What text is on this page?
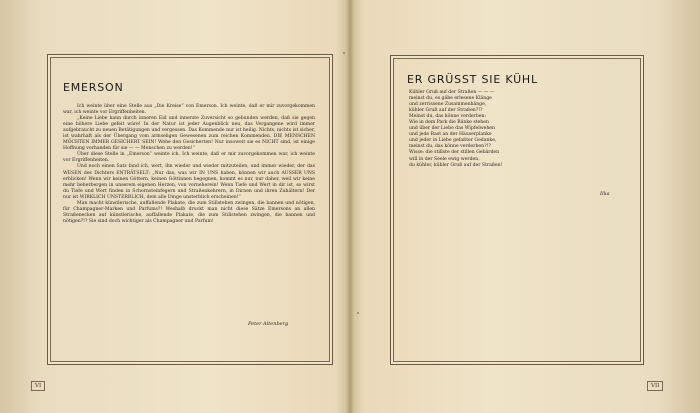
EMERSON

Ich weinte über eine Stelle aus „Die Kreise“ von Emerson. Ich weinte, daß er mir zuvorgekommen war, ich weinte vor Ergriffenheiten.

„Keine Liebe kann durch inneren Eid und innerste Zuversicht so gebunden werden, daß sie gegen eine höhere Liebe gefeit wäre! In der Natur ist jeder Augenblick neu, das Vergangene wird immer aufgebraucht zu neuen Betätigungen und vergessen. Das Kommende nur ist heilig. Nichts, nichts ist sicher, ist wahrhaft als der Übergang vom armseligen Gewesenen zum reichen Kommenden. DIE MENSCHEN MÖCHTEN IMMER GESICHERT SEIN! Wehe den Gesicherten! Nur insoweit sie es NICHT sind, ist einige Hoffnung vorhanden für sie — — Menschen zu werden!“

Über diese Stelle in „Emerson“ weinte ich. Ich weinte, daß er mir zuvorgekommen war, ich weinte vor Ergriffenheiten.

Und noch einen Satz fand ich, wert, ihn wieder und wieder mitzuteilen, und immer wieder, der das WESEN des Dichters ENTRÄTSELT: „Nur das, was wir IN UNS haben, können wir auch AUSSER UNS erblicken! Wenn wir keinen Göttern, keinen Göttinnen begegnen, kommt es nur, nur daher, weil wir keine mehr beherbergen in unserem eigenen Herzen, von vorneherein! Wenn Tiefe und Wert in dir ist, so wirst du Tiefe und Wert finden in Schornsteinfegern und Straßenkehrern, in Dirnen und ihren Zuhältern! Der nur ist WIRKLICH UNSTERBLICH, dem alle Dinge unsterblich erscheinen!“

Man macht künstlerische, auffallende Plakate, die zum Stillstehen zwingen, die bannen und nötigen, für Champagner-Marken und Parfums?! Weshalb druckt man nicht diese Sätze Emersons an allen Straßenecken auf künstlerische, auffallende Plakate, die zum Stillstehen zwingen, die bannen und nötigen?!? Sie sind doch wichtiger als Champagner und Parfum!

Peter Altenberg
VI
ER GRÜSST SIE KÜHL
Kühler Gruß auf der Straßen — — —
meinst du, es gäbe erlesene Klänge
und zerrissene Zusammenhänge,
kühler Gruß auf der Straßen?!?
Meinst du, das könne verderben:
Wie in dem Park die Bänke stehen
und über der Liebe das Wipfelwehen
und jede Rast an der Häuserplanke
und jeder in Liebe gefaßter Gedanke,
meinst du, das könne verderben?!?
Wisse: die stillste der stillen Gebärden
will in der Seele ewig werden,
du kühler, kühler Gruß auf der Straßen!
Ilka
VII
